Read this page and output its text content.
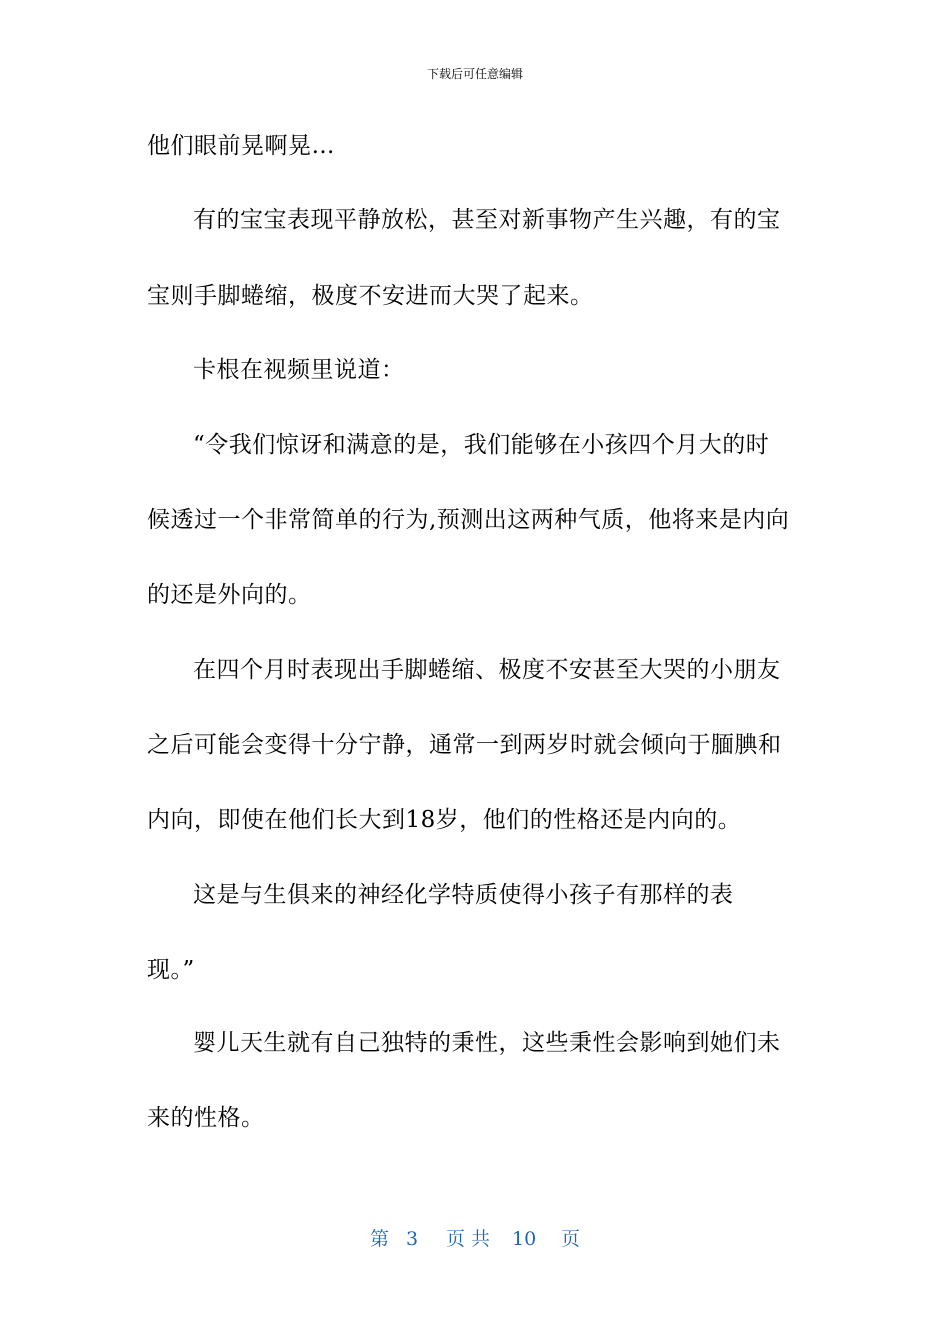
下载后可任意编辑
他们眼前晃啊晃…
有的宝宝表现平静放松，甚至对新事物产生兴趣，有的宝
宝则手脚蜷缩，极度不安进而大哭了起来。
卡根在视频里说道：
“令我们惊讶和满意的是，我们能够在小孩四个月大的时
候透过一个非常简单的行为,预测出这两种气质，他将来是内向
的还是外向的。
在四个月时表现出手脚蜷缩、极度不安甚至大哭的小朋友
之后可能会变得十分宁静，通常一到两岁时就会倾向于腼腆和
内向，即使在他们长大到18岁，他们的性格还是内向的。
这是与生俱来的神经化学特质使得小孩子有那样的表
现。”
婴儿天生就有自己独特的秉性，这些秉性会影响到她们未
来的性格。
第 3 页 共 10 页
